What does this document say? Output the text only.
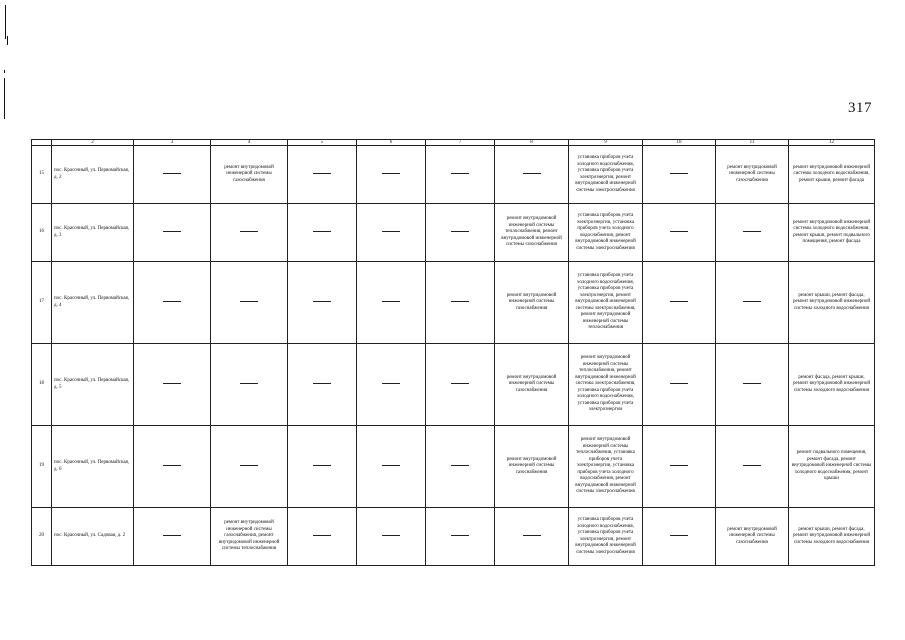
317
	2	3	4	5	6	7	8	9	10	11	12
15	пос. Красочный, ул. Первомайская, д. 2		ремонт внутридомовой инженерной системы газоснабжения					установка приборов учета холодного водоснабжения, установка приборов учета электроэнергии, ремонт внутридомовой инженерной системы электроснабжения		ремонт внутридомовой инженерной системы газоснабжения	ремонт внутридомовой инженерной системы холодного водоснабжения, ремонт крыши, ремонт фасада
16	пос. Красочный, ул. Первомайская, д. 3						ремонт внутридомовой инженерной системы теплоснабжения, ремонт внутридомовой инженерной системы газоснабжения	установка приборов учета электроэнергии, установка приборов учета холодного водоснабжения, ремонт внутридомовой инженерной системы электроснабжения			ремонт внутридомовой инженерной системы холодного водоснабжения, ремонт крыши, ремонт подвального помещения, ремонт фасада
17	пос. Красочный, ул. Первомайская, д. 4						ремонт внутридомовой инженерной системы газоснабжения	установка приборов учета холодного водоснабжения, установка приборов учета электроэнергии, ремонт внутридомовой инженерной системы электроснабжения, ремонт внутридомовой инженерной системы теплоснабжения			ремонт крыши, ремонт фасада, ремонт внутридомовой инженерной системы холодного водоснабжения
18	пос. Красочный, ул. Первомайская, д. 5						ремонт внутридомовой инженерной системы газоснабжения	ремонт внутридомовой инженерной системы теплоснабжения, ремонт внутридомовой инженерной системы электроснабжения, установка приборов учета холодного водоснабжения, установка приборов учета электроэнергии			ремонт фасада, ремонт крыши, ремонт внутридомовой инженерной системы холодного водоснабжения
19	пос. Красочный, ул. Первомайская, д. 6						ремонт внутридомовой инженерной системы газоснабжения	ремонт внутридомовой инженерной системы теплоснабжения, установка приборов учета электроэнергии, установка приборов учета холодного водоснабжения, ремонт внутридомовой инженерной системы электроснабжения			ремонт подвального помещения, ремонт фасада, ремонт внутридомовой инженерной системы холодного водоснабжения, ремонт крыши
20	пос. Красочный, ул. Садовая, д. 2		ремонт внутридомовой инженерной системы газоснабжения, ремонт внутридомовой инженерной системы теплоснабжения					установка приборов учета холодного водоснабжения, установка приборов учета электроэнергии, ремонт внутридомовой инженерной системы электроснабжения		ремонт внутридомовой инженерной системы газоснабжения	ремонт крыши, ремонт фасада, ремонт внутридомовой инженерной системы холодного водоснабжения
